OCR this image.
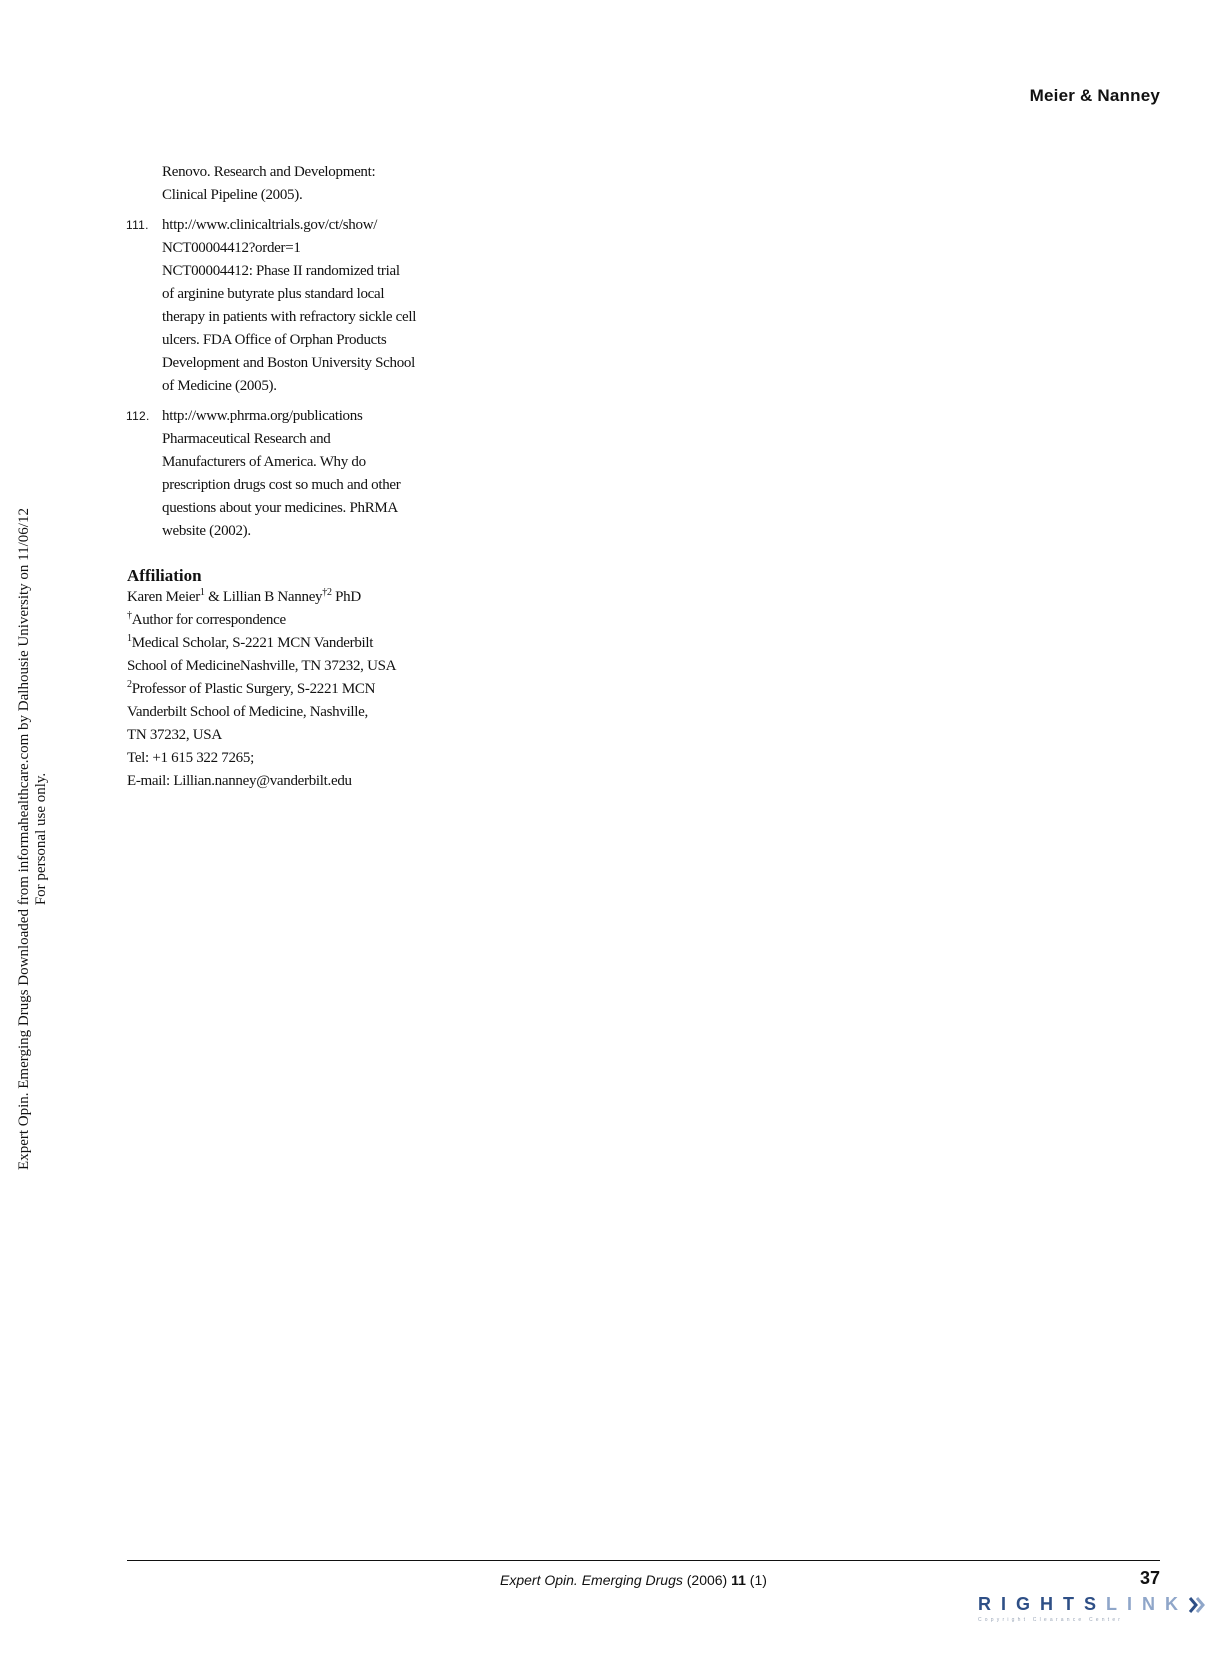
Meier & Nanney
Renovo. Research and Development:
Clinical Pipeline (2005).
111. http://www.clinicaltrials.gov/ct/show/
NCT00004412?order=1
NCT00004412: Phase II randomized trial
of arginine butyrate plus standard local
therapy in patients with refractory sickle cell
ulcers. FDA Office of Orphan Products
Development and Boston University School
of Medicine (2005).
112. http://www.phrma.org/publications
Pharmaceutical Research and
Manufacturers of America. Why do
prescription drugs cost so much and other
questions about your medicines. PhRMA
website (2002).
Affiliation
Karen Meier$^1$ & Lillian B Nanney$^{\dagger 2}$ PhD
†Author for correspondence
$^1$Medical Scholar, S-2221 MCN Vanderbilt
School of MedicineNashville, TN 37232, USA
$^2$Professor of Plastic Surgery, S-2221 MCN
Vanderbilt School of Medicine, Nashville,
TN 37232, USA
Tel: +1 615 322 7265;
E-mail: Lillian.nanney@vanderbilt.edu
Expert Opin. Emerging Drugs Downloaded from informahealthcare.com by Dalhousie University on 11/06/12 For personal use only.
Expert Opin. Emerging Drugs (2006) 11 (1)	37
RIGHTSLINK
Copyright Clearance Center
